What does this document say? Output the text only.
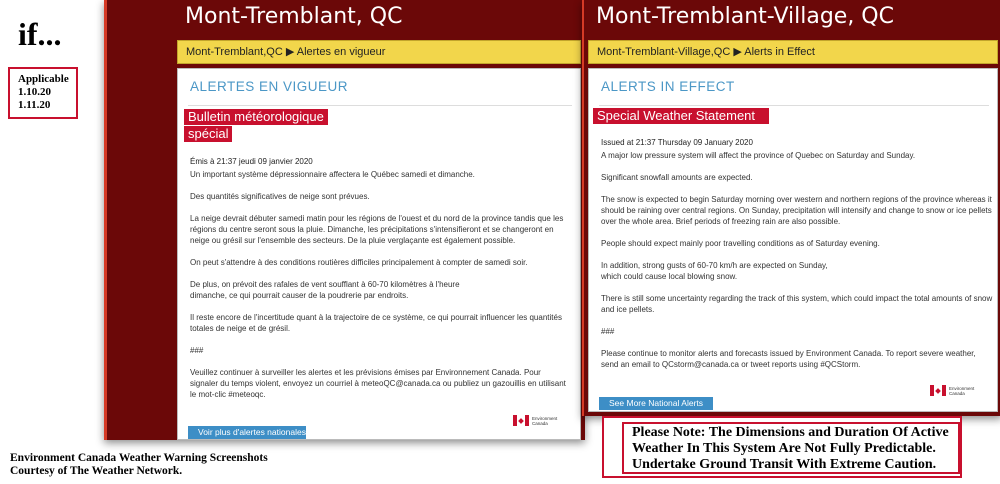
if...
Applicable
1.10.20
1.11.20
Environment Canada Weather Warning Screenshots
Courtesy of The Weather Network.
Mont-Tremblant, QC
Mont-Tremblant,QC ▶ Alertes en vigueur
ALERTES EN VIGUEUR
Bulletin météorologique
spécial
Émis à 21:37 jeudi 09 janvier 2020

Un important système dépressionnaire affectera le Québec samedi et dimanche.

Des quantités significatives de neige sont prévues.

La neige devrait débuter samedi matin pour les régions de l'ouest et du nord de la province tandis que les régions du centre seront sous la pluie. Dimanche, les précipitations s'intensifieront et se changeront en neige ou grésil sur l'ensemble des secteurs. De la pluie verglaçante est également possible.

On peut s'attendre à des conditions routières difficiles principalement à compter de samedi soir.

De plus, on prévoit des rafales de vent soufflant à 60-70 kilomètres à l'heure
dimanche, ce qui pourrait causer de la poudrerie par endroits.

Il reste encore de l'incertitude quant à la trajectoire de ce système, ce qui pourrait influencer les quantités totales de neige et de grésil.

###

Veuillez continuer à surveiller les alertes et les prévisions émises par Environnement Canada. Pour signaler du temps violent, envoyez un courriel à meteoQC@canada.ca ou publiez un gazouillis en utilisant le mot-clic #meteoqc.

Environment Canada
Voir plus d'alertes nationales
Mont-Tremblant-Village, QC
Mont-Tremblant-Village,QC ▶ Alerts in Effect
ALERTS IN EFFECT
Special Weather Statement
Issued at 21:37 Thursday 09 January 2020

A major low pressure system will affect the province of Quebec on Saturday and Sunday.

Significant snowfall amounts are expected.

The snow is expected to begin Saturday morning over western and northern regions of the province whereas it should be raining over central regions. On Sunday, precipitation will intensify and change to snow or ice pellets over the whole area. Brief periods of freezing rain are also possible.

People should expect mainly poor travelling conditions as of Saturday evening.

In addition, strong gusts of 60-70 km/h are expected on Sunday,
which could cause local blowing snow.

There is still some uncertainty regarding the track of this system, which could impact the total amounts of snow and ice pellets.

###

Please continue to monitor alerts and forecasts issued by Environment Canada. To report severe weather, send an email to QCstorm@canada.ca or tweet reports using #QCStorm.

Environment Canada
See More National Alerts
Please Note: The Dimensions and Duration Of Active Weather In This System Are Not Fully Predictable. Undertake Ground Transit With Extreme Caution.
